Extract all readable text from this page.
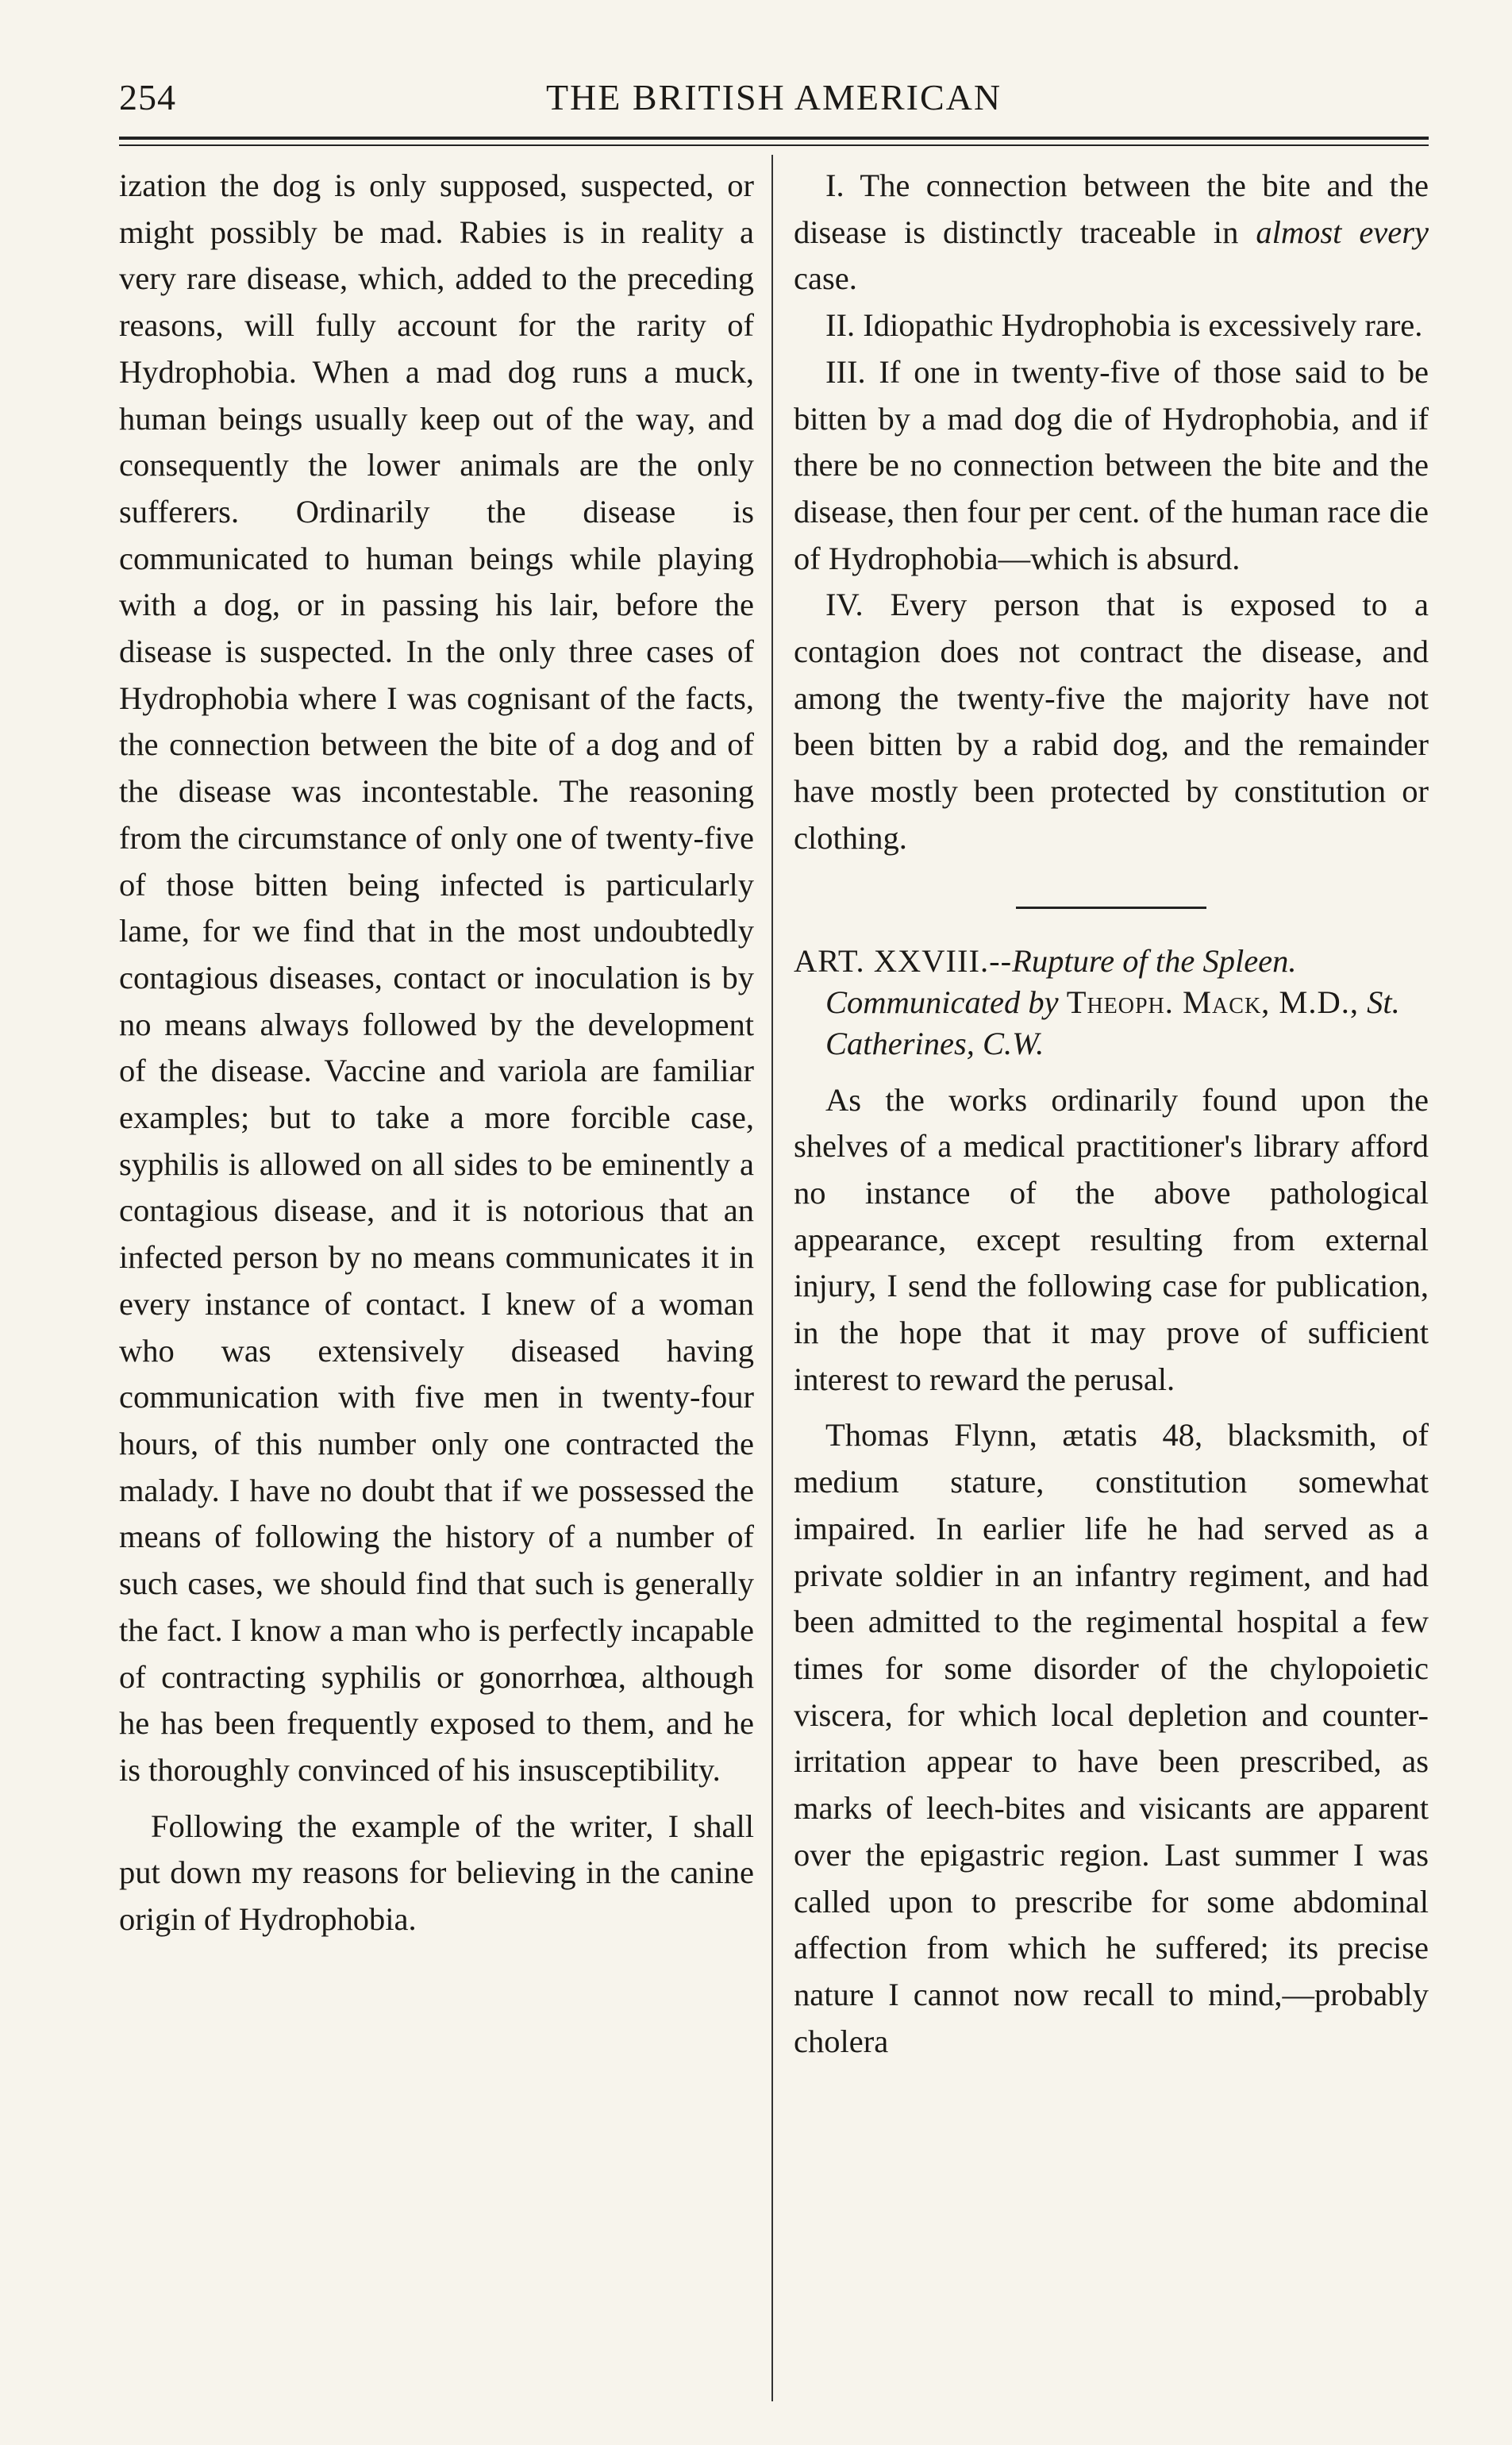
254	THE BRITISH AMERICAN

ization the dog is only supposed, suspected, or might possibly be mad. Rabies is in reality a very rare disease, which, added to the preceding reasons, will fully account for the rarity of Hydrophobia. When a mad dog runs a muck, human beings usually keep out of the way, and consequently the lower animals are the only sufferers. Ordinarily the disease is communicated to human beings while playing with a dog, or in passing his lair, before the disease is suspected. In the only three cases of Hydrophobia where I was cognisant of the facts, the connection between the bite of a dog and of the disease was incontestable. The reasoning from the circumstance of only one of twenty-five of those bitten being infected is particularly lame, for we find that in the most undoubtedly contagious diseases, contact or inoculation is by no means always followed by the development of the disease. Vaccine and variola are familiar examples; but to take a more forcible case, syphilis is allowed on all sides to be eminently a contagious disease, and it is notorious that an infected person by no means communicates it in every instance of contact. I knew of a woman who was extensively diseased having communication with five men in twenty-four hours, of this number only one contracted the malady. I have no doubt that if we possessed the means of following the history of a number of such cases, we should find that such is generally the fact. I know a man who is perfectly incapable of contracting syphilis or gonorrhœa, although he has been frequently exposed to them, and he is thoroughly convinced of his insusceptibility.

Following the example of the writer, I shall put down my reasons for believing in the canine origin of Hydrophobia.

I. The connection between the bite and the disease is distinctly traceable in almost every case.

II. Idiopathic Hydrophobia is excessively rare.

III. If one in twenty-five of those said to be bitten by a mad dog die of Hydrophobia, and if there be no connection between the bite and the disease, then four per cent. of the human race die of Hydrophobia—which is absurd.

IV. Every person that is exposed to a contagion does not contract the disease, and among the twenty-five the majority have not been bitten by a rabid dog, and the remainder have mostly been protected by constitution or clothing.

ART. XXVIII.--Rupture of the Spleen. Communicated by Theoph. Mack, M.D., St. Catherines, C.W.

As the works ordinarily found upon the shelves of a medical practitioner's library afford no instance of the above pathological appearance, except resulting from external injury, I send the following case for publication, in the hope that it may prove of sufficient interest to reward the perusal.

Thomas Flynn, ætatis 48, blacksmith, of medium stature, constitution somewhat impaired. In earlier life he had served as a private soldier in an infantry regiment, and had been admitted to the regimental hospital a few times for some disorder of the chylopoietic viscera, for which local depletion and counter-irritation appear to have been prescribed, as marks of leech-bites and visicants are apparent over the epigastric region. Last summer I was called upon to prescribe for some abdominal affection from which he suffered; its precise nature I cannot now recall to mind,—probably cholera
